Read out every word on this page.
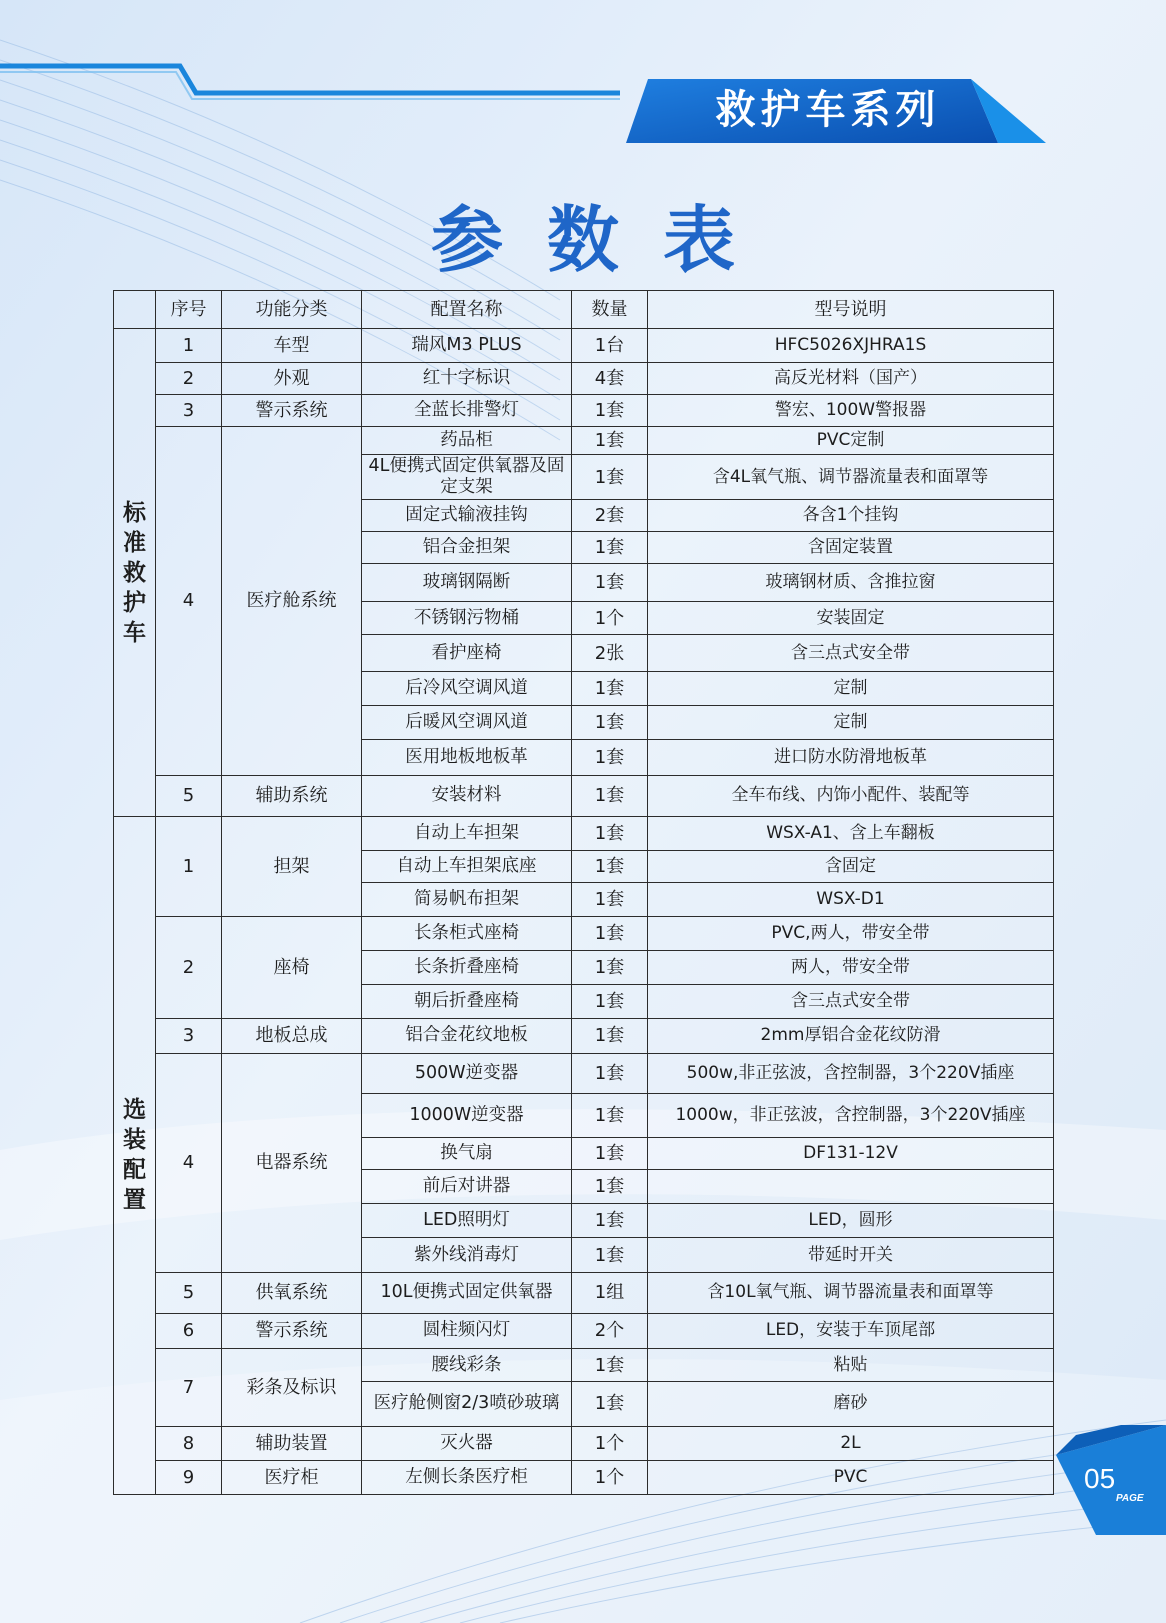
救护车系列
参数表
	序号	功能分类	配置名称	数量	型号说明
标准救护车	1	车型	瑞风M3 PLUS	1台	HFC5026XJHRA1S
	2	外观	红十字标识	4套	高反光材料（国产）
	3	警示系统	全蓝长排警灯	1套	警宏、100W警报器
	4	医疗舱系统	药品柜	1套	PVC定制
			4L便携式固定供氧器及固定支架	1套	含4L氧气瓶、调节器流量表和面罩等
			固定式输液挂钩	2套	各含1个挂钩
			铝合金担架	1套	含固定装置
			玻璃钢隔断	1套	玻璃钢材质、含推拉窗
			不锈钢污物桶	1个	安装固定
			看护座椅	2张	含三点式安全带
			后冷风空调风道	1套	定制
			后暖风空调风道	1套	定制
			医用地板地板革	1套	进口防水防滑地板革
	5	辅助系统	安装材料	1套	全车布线、内饰小配件、装配等
选装配置	1	担架	自动上车担架	1套	WSX-A1、含上车翻板
			自动上车担架底座	1套	含固定
			简易帆布担架	1套	WSX-D1
	2	座椅	长条柜式座椅	1套	PVC,两人，带安全带
			长条折叠座椅	1套	两人，带安全带
			朝后折叠座椅	1套	含三点式安全带
	3	地板总成	铝合金花纹地板	1套	2mm厚铝合金花纹防滑
	4	电器系统	500W逆变器	1套	500w,非正弦波，含控制器，3个220V插座
			1000W逆变器	1套	1000w，非正弦波，含控制器，3个220V插座
			换气扇	1套	DF131-12V
			前后对讲器	1套	
			LED照明灯	1套	LED，圆形
			紫外线消毒灯	1套	带延时开关
	5	供氧系统	10L便携式固定供氧器	1组	含10L氧气瓶、调节器流量表和面罩等
	6	警示系统	圆柱频闪灯	2个	LED，安装于车顶尾部
	7	彩条及标识	腰线彩条	1套	粘贴
			医疗舱侧窗2/3喷砂玻璃	1套	磨砂
	8	辅助装置	灭火器	1个	2L
	9	医疗柜	左侧长条医疗柜	1个	PVC	05
PAGE
